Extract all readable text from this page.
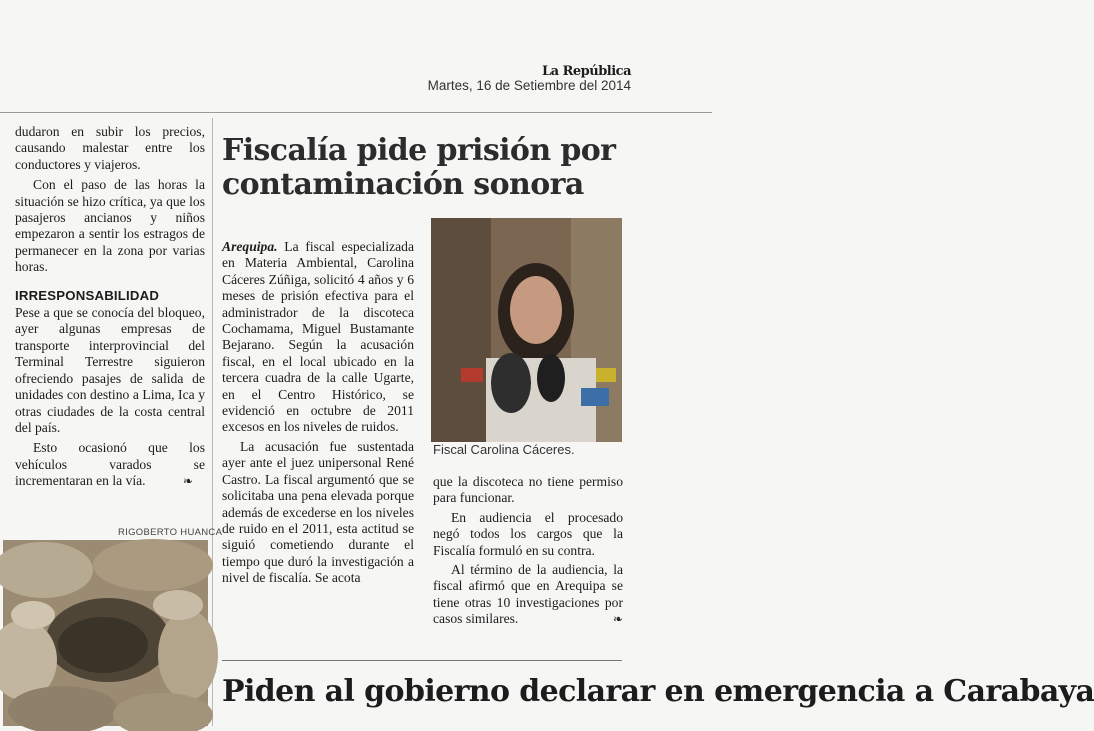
La República
Martes, 16 de Setiembre del 2014

dudaron en subir los precios, causando malestar entre los conductores y viajeros.

Con el paso de las horas la situación se hizo crítica, ya que los pasajeros ancianos y niños empezaron a sentir los estragos de permanecer en la zona por varias horas.

IRRESPONSABILIDAD

Pese a que se conocía del bloqueo, ayer algunas empresas de transporte interprovincial del Terminal Terrestre siguieron ofreciendo pasajes de salida de unidades con destino a Lima, Ica y otras ciudades de la costa central del país.

Esto ocasionó que los vehículos varados se incrementaran en la vía.	❧

RIGOBERTO HUANCA
Fiscalía pide prisión por contaminación sonora

Arequipa. La fiscal especializada en Materia Ambiental, Carolina Cáceres Zúñiga, solicitó 4 años y 6 meses de prisión efectiva para el administrador de la discoteca Cochamama, Miguel Bustamante Bejarano. Según la acusación fiscal, en el local ubicado en la tercera cuadra de la calle Ugarte, en el Centro Histórico, se evidenció en octubre de 2011 excesos en los niveles de ruidos.

La acusación fue sustentada ayer ante el juez unipersonal René Castro. La fiscal argumentó que se solicitaba una pena elevada porque además de excederse en los niveles de ruido en el 2011, esta actitud se siguió cometiendo durante el tiempo que duró la investigación a nivel de fiscalía. Se acota

Fiscal Carolina Cáceres.

que la discoteca no tiene permiso para funcionar.

En audiencia el procesado negó todos los cargos que la Fiscalía formuló en su contra.

Al término de la audiencia, la fiscal afirmó que en Arequipa se tiene otras 10 investigaciones por casos similares.	❧

Piden al gobierno declarar en emergencia a Carabaya
